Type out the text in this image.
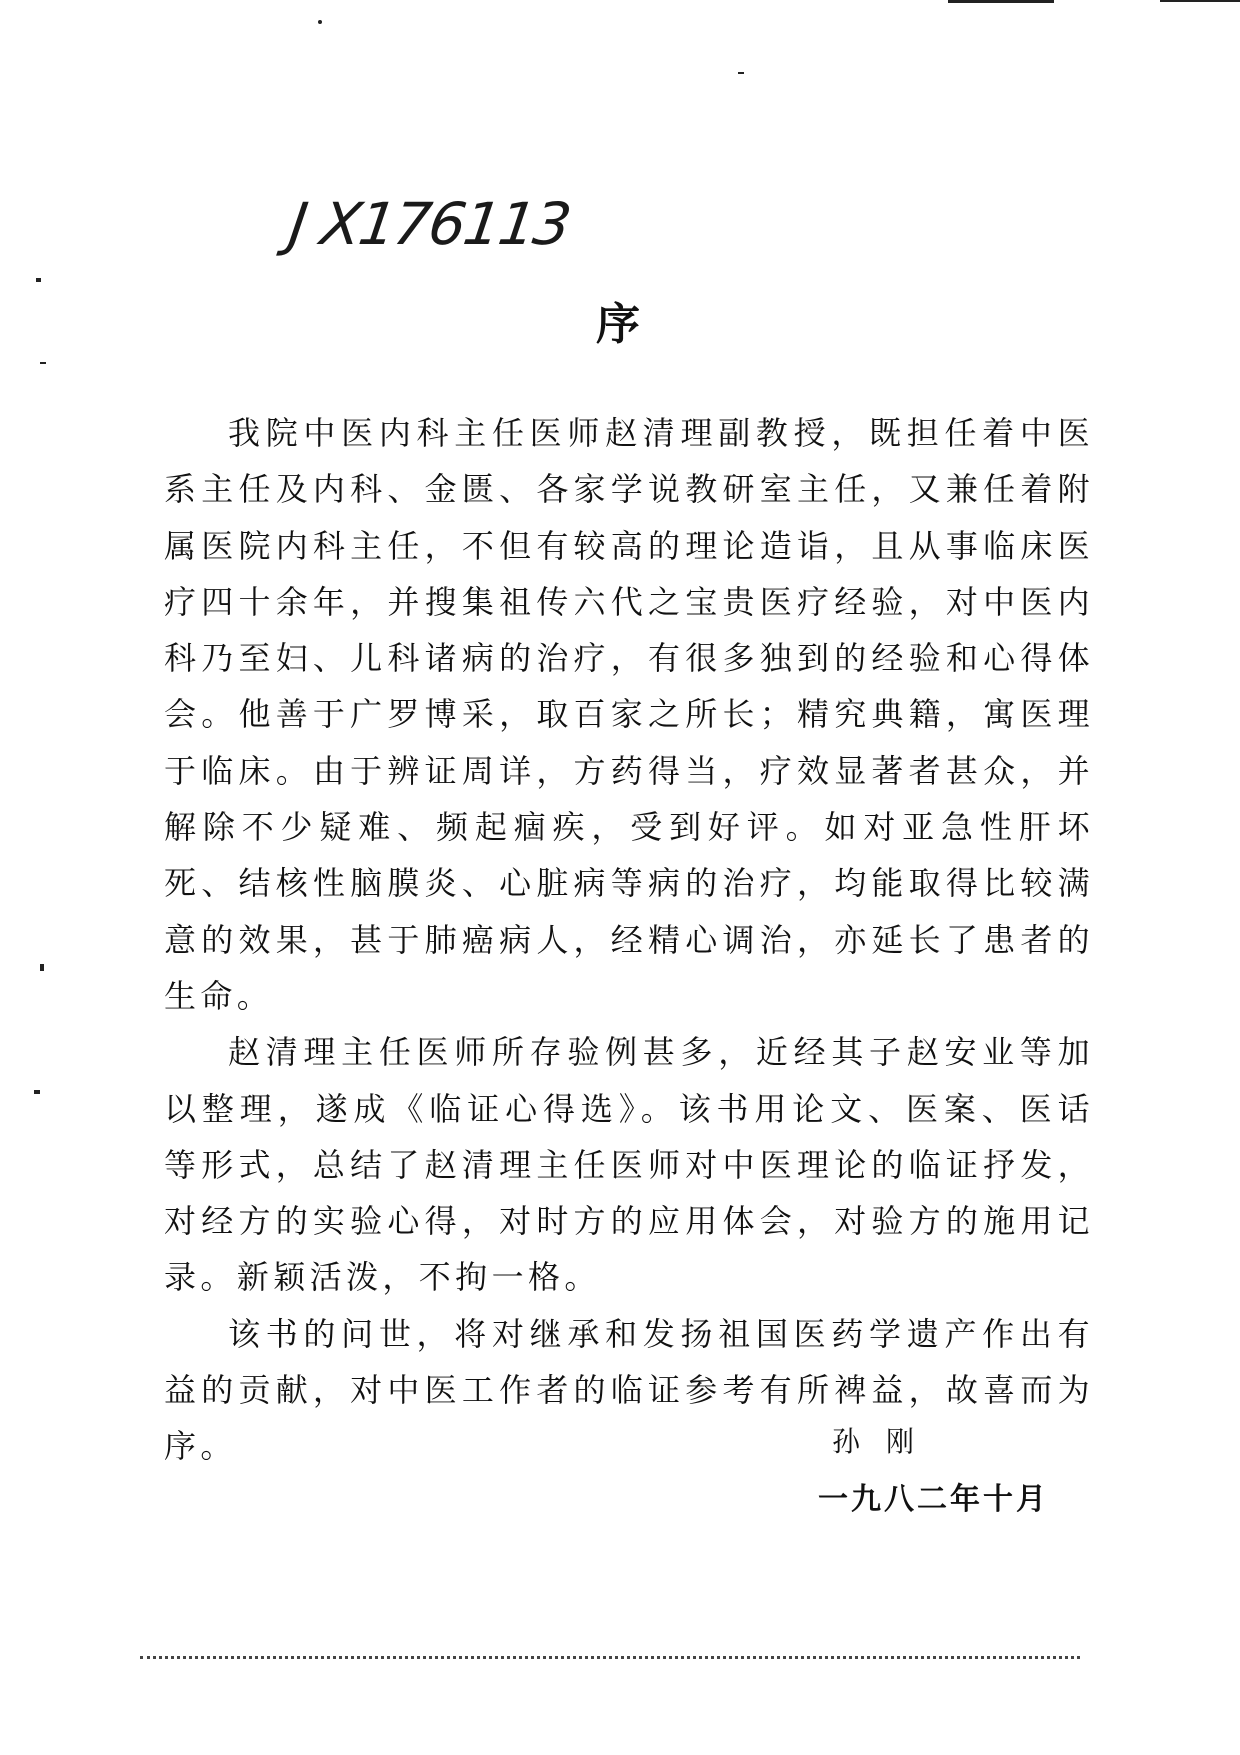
J X176113
序

我院中医内科主任医师赵清理副教授，既担任着中医系主任及内科、金匮、各家学说教研室主任，又兼任着附属医院内科主任，不但有较高的理论造诣，且从事临床医疗四十余年，并搜集祖传六代之宝贵医疗经验，对中医内科乃至妇、儿科诸病的治疗，有很多独到的经验和心得体会。他善于广罗博采，取百家之所长；精究典籍，寓医理于临床。由于辨证周详，方药得当，疗效显著者甚众，并解除不少疑难、频起痼疾，受到好评。如对亚急性肝坏死、结核性脑膜炎、心脏病等病的治疗，均能取得比较满意的效果，甚于肺癌病人，经精心调治，亦延长了患者的生命。

赵清理主任医师所存验例甚多，近经其子赵安业等加以整理，遂成《临证心得选》。该书用论文、医案、医话等形式，总结了赵清理主任医师对中医理论的临证抒发，对经方的实验心得，对时方的应用体会，对验方的施用记录。新颖活泼，不拘一格。

该书的问世，将对继承和发扬祖国医药学遗产作出有益的贡献，对中医工作者的临证参考有所裨益，故喜而为序。	孙刚
一九八二年十月
